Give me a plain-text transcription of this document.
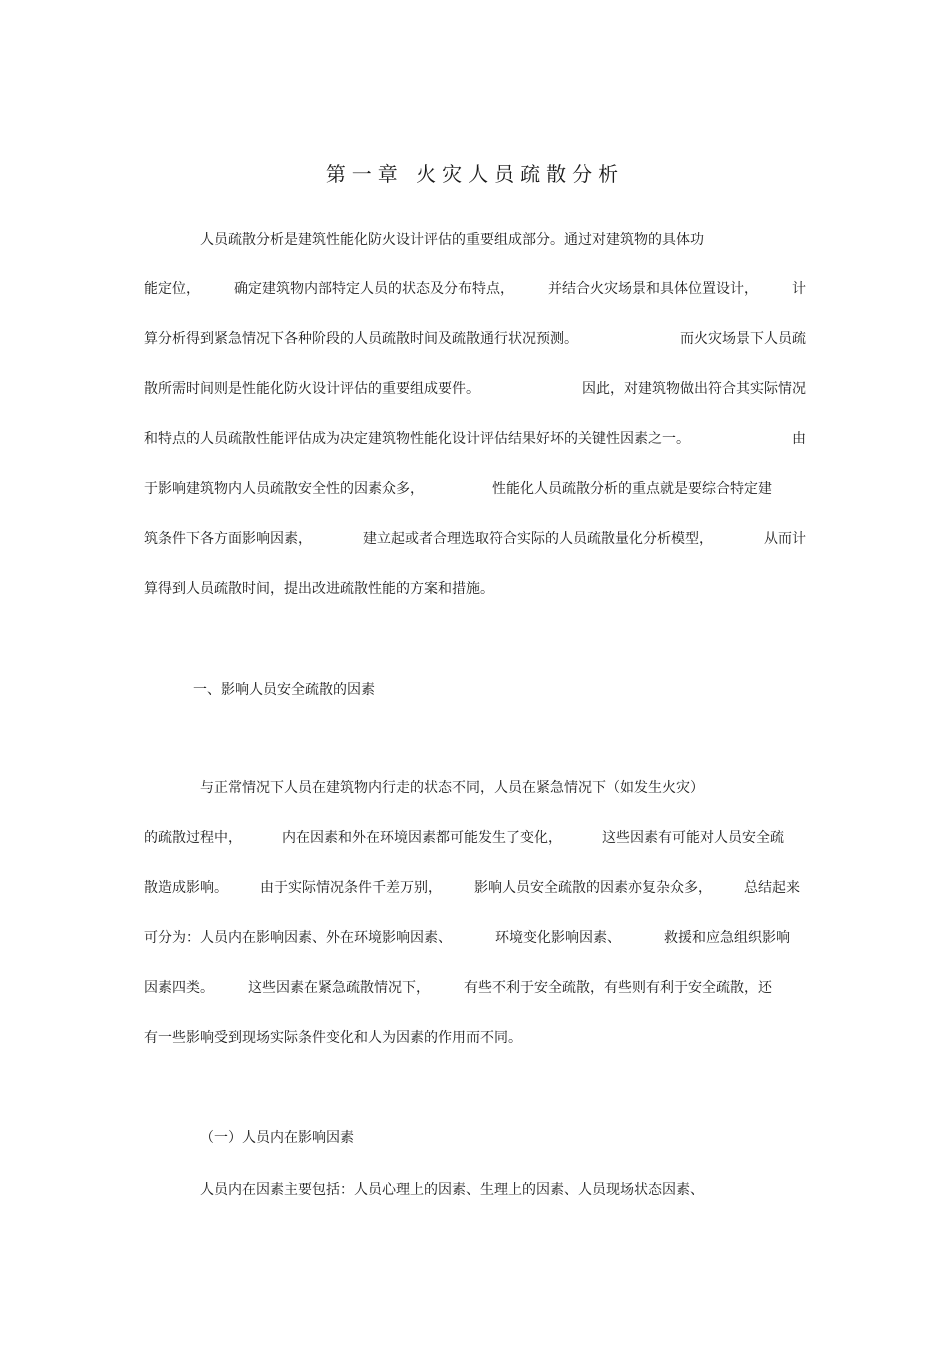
第一章 火灾人员疏散分析
人员疏散分析是建筑性能化防火设计评估的重要组成部分。通过对建筑物的具体功
能定位， 确定建筑物内部特定人员的状态及分布特点， 并结合火灾场景和具体位置设计， 计
算分析得到紧急情况下各种阶段的人员疏散时间及疏散通行状况预测。	而火灾场景下人员疏
散所需时间则是性能化防火设计评估的重要组成要件。	因此，对建筑物做出符合其实际情况
和特点的人员疏散性能评估成为决定建筑物性能化设计评估结果好坏的关键性因素之一。	由
于影响建筑物内人员疏散安全性的因素众多，	性能化人员疏散分析的重点就是要综合特定建
筑条件下各方面影响因素，	建立起或者合理选取符合实际的人员疏散量化分析模型，	从而计
算得到人员疏散时间，提出改进疏散性能的方案和措施。
一、影响人员安全疏散的因素
与正常情况下人员在建筑物内行走的状态不同，人员在紧急情况下（如发生火灾）
的疏散过程中，	内在因素和外在环境因素都可能发生了变化，	这些因素有可能对人员安全疏
散造成影响。 由于实际情况条件千差万别， 影响人员安全疏散的因素亦复杂众多， 总结起来
可分为：人员内在影响因素、外在环境影响因素、	环境变化影响因素、	救援和应急组织影响
因素四类。 这些因素在紧急疏散情况下， 有些不利于安全疏散，有些则有利于安全疏散，还
有一些影响受到现场实际条件变化和人为因素的作用而不同。
（一）人员内在影响因素
人员内在因素主要包括：人员心理上的因素、生理上的因素、人员现场状态因素、
